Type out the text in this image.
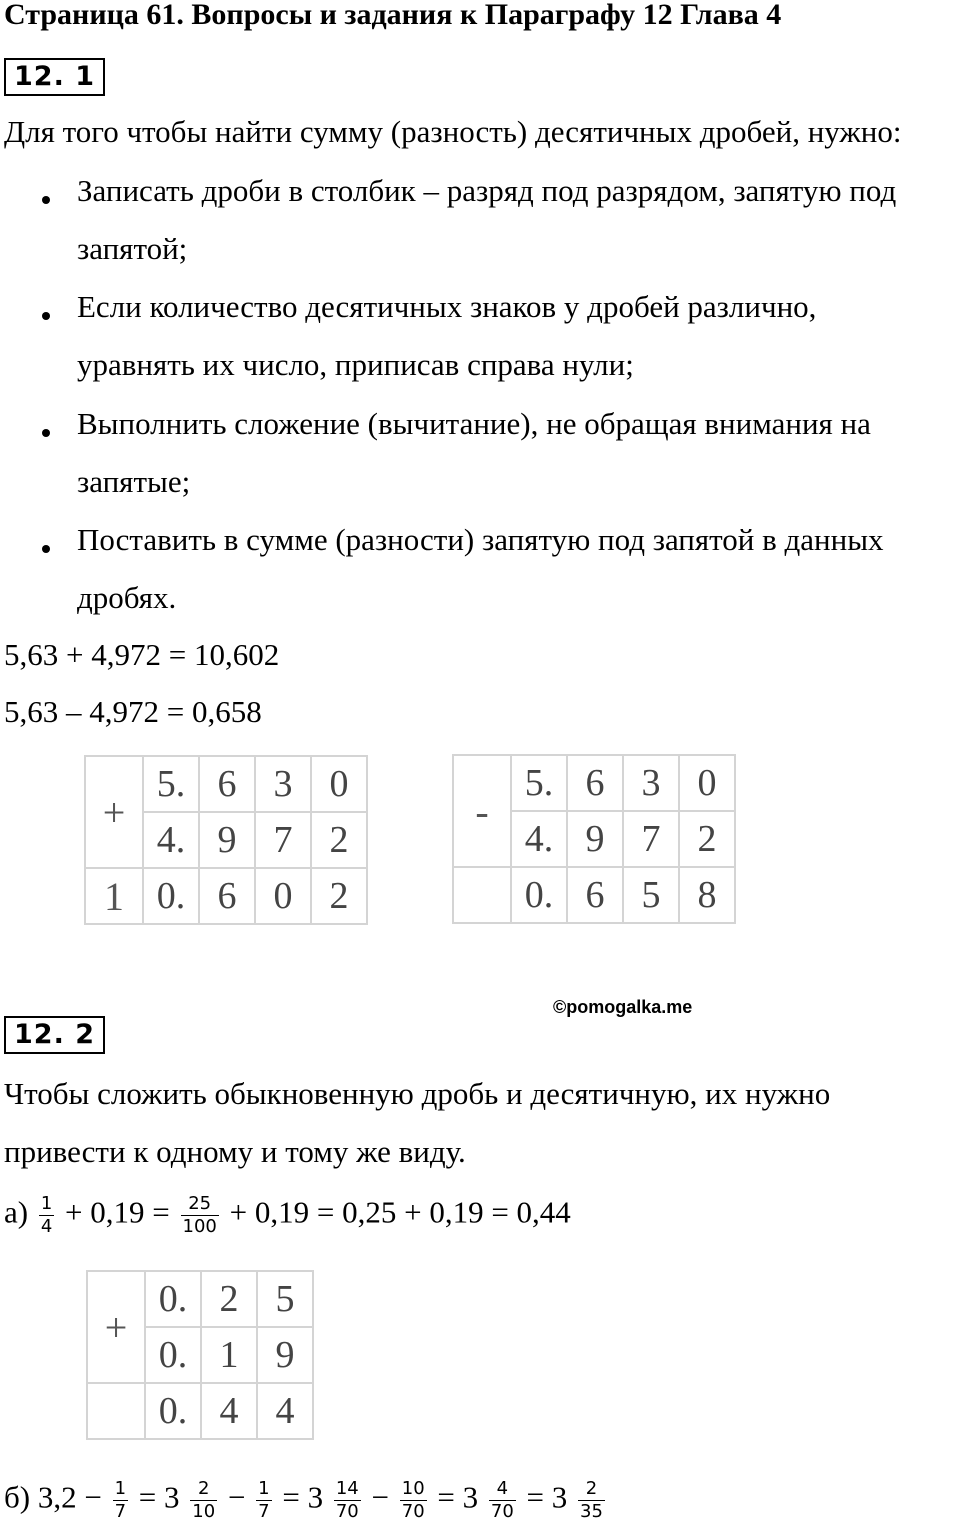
Страница 61. Вопросы и задания к Параграфу 12 Глава 4
12. 1
Для того чтобы найти сумму (разность) десятичных дробей, нужно:
Записать дроби в столбик – разряд под разрядом, запятую под
запятой;
Если количество десятичных знаков у дробей различно,
уравнять их число, приписав справа нули;
Выполнить сложение (вычитание), не обращая внимания на
запятые;
Поставить в сумме (разности) запятую под запятой в данных
дробях.
5,63 + 4,972 = 10,602
5,63 – 4,972 = 0,658
+	5.	6	3	0
	4.	9	7	2
1	0.	6	0	2
-	5.	6	3	0
	4.	9	7	2
	0.	6	5	8
©pomogalka.me
12. 2
Чтобы сложить обыкновенную дробь и десятичную, их нужно
привести к одному и тому же виду.
$а) \frac{1}{4} + 0,19 = \frac{25}{100} + 0,19 = 0,25 + 0,19 = 0,44$
+	0.	2	5
	0.	1	9
	0.	4	4
б) $3,2 - \frac{1}{7} = 3 \frac{2}{10} - \frac{1}{7} = 3 \frac{14}{70} - \frac{10}{70} = 3 \frac{4}{70} = 3 \frac{2}{35}$
